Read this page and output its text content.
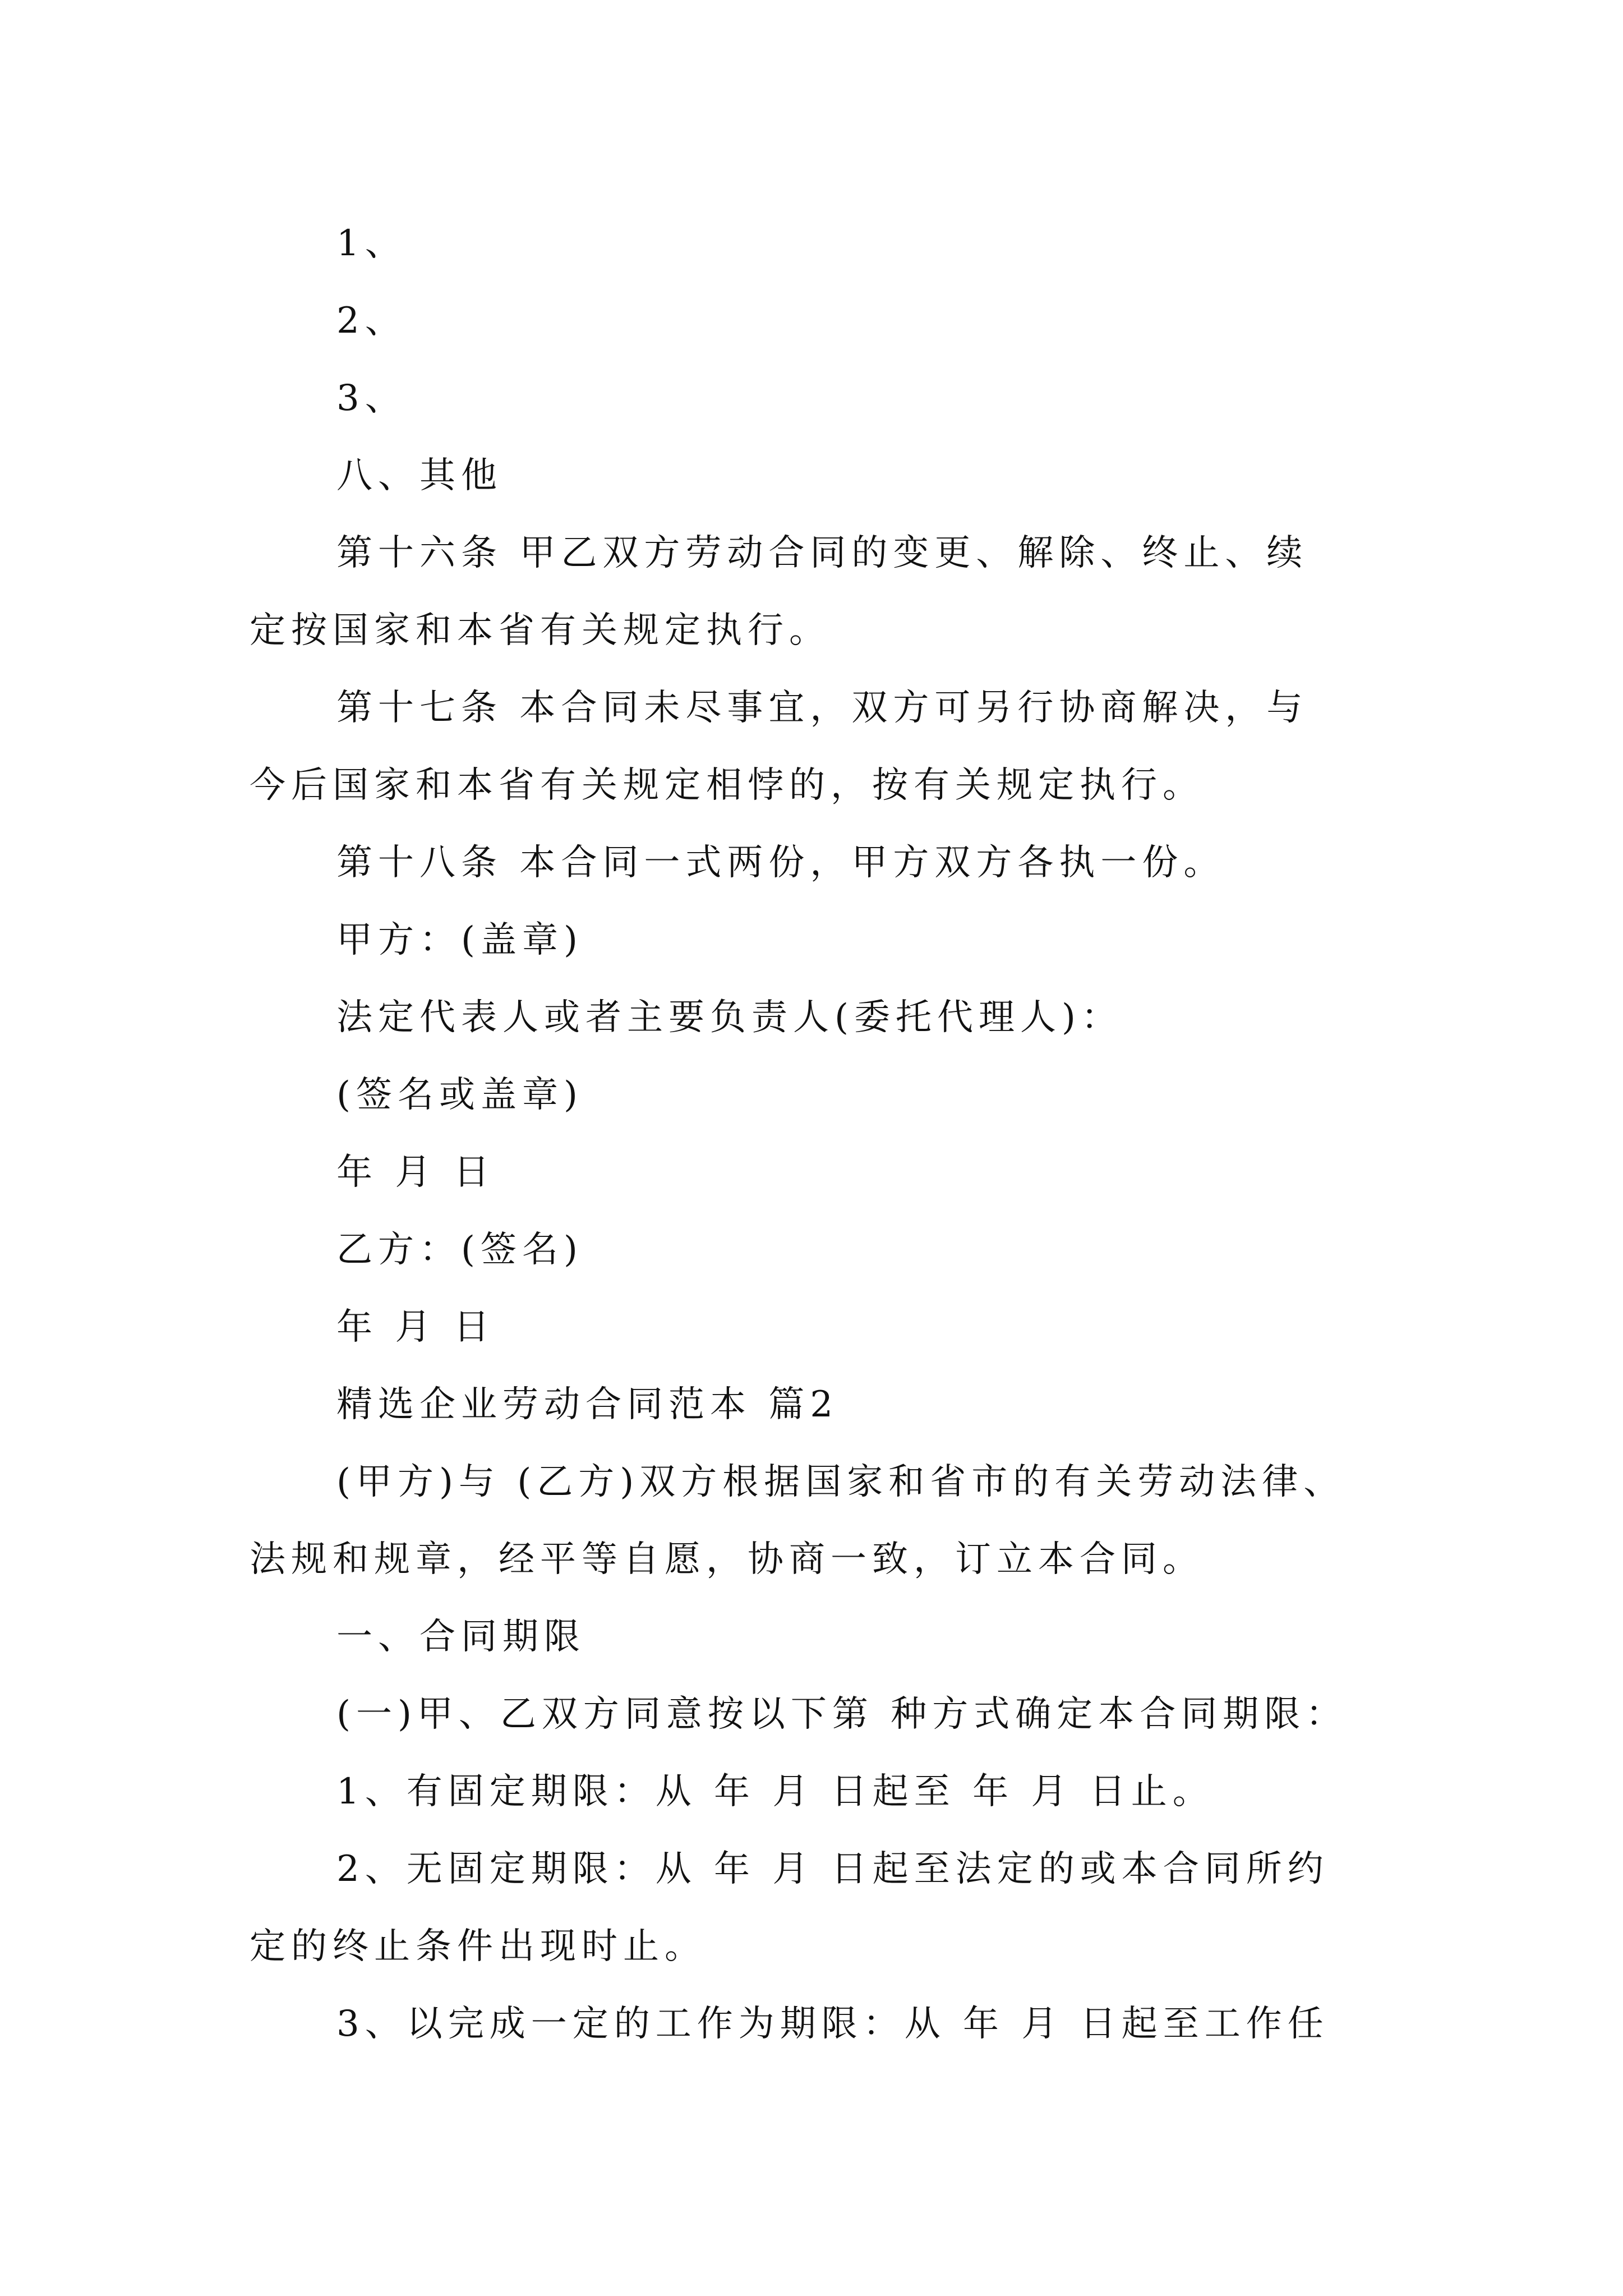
1、
2、
3、
八、其他
第十六条 甲乙双方劳动合同的变更、解除、终止、续
定按国家和本省有关规定执行。
第十七条 本合同未尽事宜，双方可另行协商解决，与
今后国家和本省有关规定相悖的，按有关规定执行。
第十八条 本合同一式两份，甲方双方各执一份。
甲方：(盖章)
法定代表人或者主要负责人(委托代理人)：
(签名或盖章)
年 月 日
乙方：(签名)
年 月 日
精选企业劳动合同范本 篇2
(甲方)与 (乙方)双方根据国家和省市的有关劳动法律、
法规和规章，经平等自愿，协商一致，订立本合同。
一、合同期限
(一)甲、乙双方同意按以下第 种方式确定本合同期限：
1、有固定期限：从 年 月 日起至 年 月 日止。
2、无固定期限：从 年 月 日起至法定的或本合同所约
定的终止条件出现时止。
3、以完成一定的工作为期限：从 年 月 日起至工作任
